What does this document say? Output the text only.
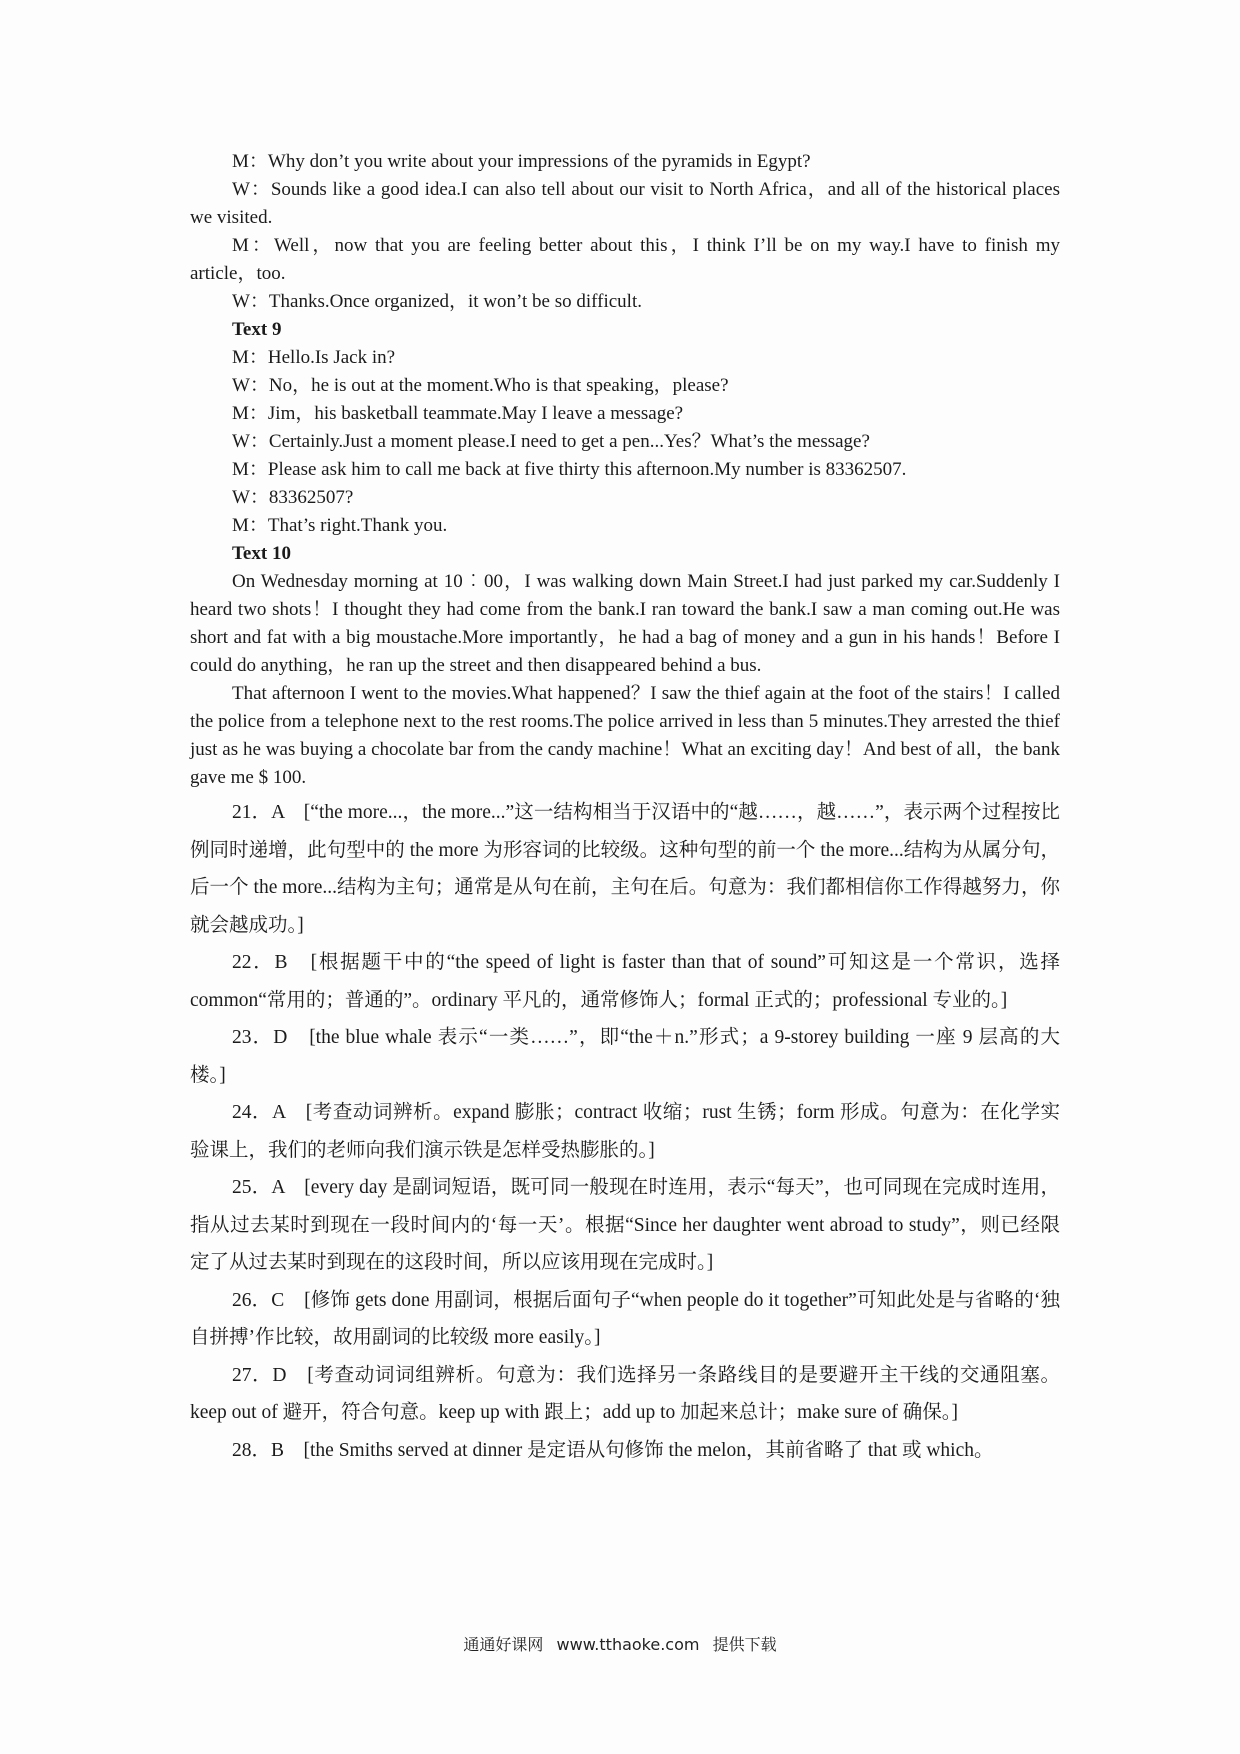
M：Why don’t you write about your impressions of the pyramids in Egypt?

W：Sounds like a good idea.I can also tell about our visit to North Africa，and all of the historical places we visited.

M：Well，now that you are feeling better about this，I think I’ll be on my way.I have to finish my article，too.

W：Thanks.Once organized，it won’t be so difficult.

Text 9

M：Hello.Is Jack in?

W：No，he is out at the moment.Who is that speaking，please?

M：Jim，his basketball teammate.May I leave a message?

W：Certainly.Just a moment please.I need to get a pen...Yes？What’s the message?

M：Please ask him to call me back at five thirty this afternoon.My number is 83362507.

W：83362507?

M：That’s right.Thank you.

Text 10

On Wednesday morning at 10︰00，I was walking down Main Street.I had just parked my car.Suddenly I heard two shots！I thought they had come from the bank.I ran toward the bank.I saw a man coming out.He was short and fat with a big moustache.More importantly，he had a bag of money and a gun in his hands！Before I could do anything，he ran up the street and then disappeared behind a bus.

That afternoon I went to the movies.What happened？I saw the thief again at the foot of the stairs！I called the police from a telephone next to the rest rooms.The police arrived in less than 5 minutes.They arrested the thief just as he was buying a chocolate bar from the candy machine！What an exciting day！And best of all，the bank gave me $ 100.

21．A　[“the more...，the more...”这一结构相当于汉语中的“越……，越……”，表示两个过程按比例同时递增，此句型中的 the more 为形容词的比较级。这种句型的前一个 the more...结构为从属分句，后一个 the more...结构为主句；通常是从句在前，主句在后。句意为：我们都相信你工作得越努力，你就会越成功。]

22．B　[根据题干中的“the speed of light is faster than that of sound”可知这是一个常识，选择 common“常用的；普通的”。ordinary 平凡的，通常修饰人；formal 正式的；professional 专业的。]

23．D　[the blue whale 表示“一类……”，即“the＋n.”形式；a 9-storey building 一座 9 层高的大楼。]

24．A　[考查动词辨析。expand 膨胀；contract 收缩；rust 生锈；form 形成。句意为：在化学实验课上，我们的老师向我们演示铁是怎样受热膨胀的。]

25．A　[every day 是副词短语，既可同一般现在时连用，表示“每天”，也可同现在完成时连用，指从过去某时到现在一段时间内的‘每一天’。根据“Since her daughter went abroad to study”，则已经限定了从过去某时到现在的这段时间，所以应该用现在完成时。]

26．C　[修饰 gets done 用副词，根据后面句子“when people do it together”可知此处是与省略的‘独自拼搏’作比较，故用副词的比较级 more easily。]

27．D　[考查动词词组辨析。句意为：我们选择另一条路线目的是要避开主干线的交通阻塞。keep out of 避开，符合句意。keep up with 跟上；add up to 加起来总计；make sure of 确保。]

28．B　[the Smiths served at dinner 是定语从句修饰 the melon，其前省略了 that 或 which。

通通好课网 www.tthaoke.com 提供下载
